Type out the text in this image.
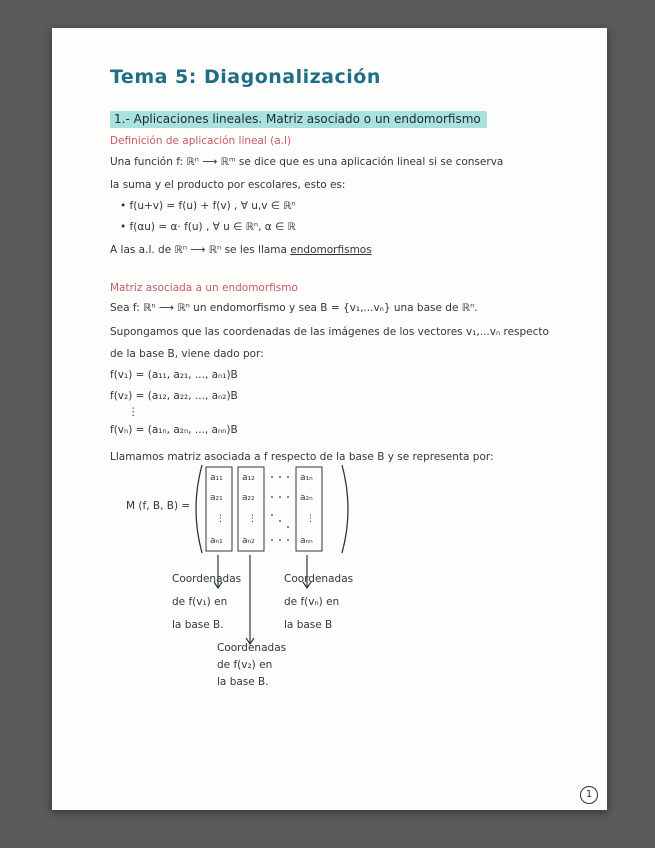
Tema 5: Diagonalización
1.- Aplicaciones lineales. Matriz asociado o un endomorfismo
Definición de aplicación lineal (a.l)
Una función f: ℝⁿ ⟶ ℝᵐ se dice que es una aplicación lineal si se conserva
la suma y el producto por escolares, esto es:
• f(u+v) = f(u) + f(v) , ∀ u,v ∈ ℝⁿ
• f(αu) = α· f(u) , ∀ u ∈ ℝⁿ, α ∈ ℝ
A las a.l. de ℝⁿ ⟶ ℝⁿ se les llama endomorfismos
Matriz asociada a un endomorfismo
Sea f: ℝⁿ ⟶ ℝⁿ un endomorfismo y sea B = {v₁,...vₙ} una base de ℝⁿ.
Supongamos que las coordenadas de las imágenes de los vectores v₁,...vₙ respecto
de la base B, viene dado por:
f(v₁) = (a₁₁, a₂₁, ..., aₙ₁)B
f(v₂) = (a₁₂, a₂₂, ..., aₙ₂)B
⋮
f(vₙ) = (a₁ₙ, a₂ₙ, ..., aₙₙ)B
Llamamos matriz asociada a f respecto de la base B y se representa por:
M (f, B, B) =
a₁₁
a₂₁
⋮
aₙ₁
a₁₂
a₂₂
⋮
aₙ₂
a₁ₙ
a₂ₙ
⋮
aₙₙ
Coordenadas
de f(v₁) en
la base B.
Coordenadas
de f(vₙ) en
la base B
Coordenadas
de f(v₂) en
la base B.
1
